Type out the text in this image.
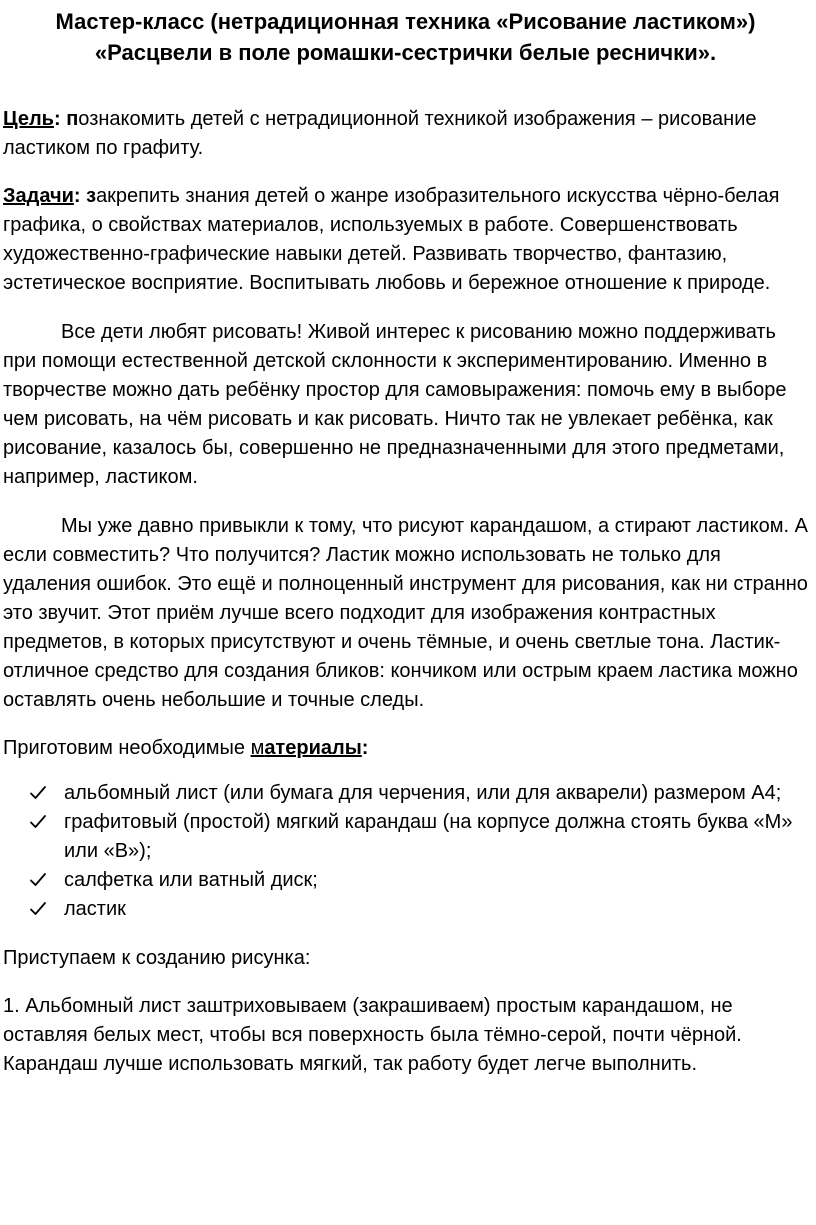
Мастер-класс (нетрадиционная техника «Рисование ластиком»)
«Расцвели в поле ромашки-сестрички белые реснички».

Цель: познакомить детей с нетрадиционной техникой изображения – рисование ластиком по графиту.

Задачи: закрепить знания детей о жанре изобразительного искусства чёрно-белая графика, о свойствах материалов, используемых в работе. Совершенствовать художественно-графические навыки детей. Развивать творчество, фантазию, эстетическое восприятие. Воспитывать любовь и бережное отношение к природе.

Все дети любят рисовать! Живой интерес к рисованию можно поддерживать при помощи естественной детской склонности к экспериментированию. Именно в творчестве можно дать ребёнку простор для самовыражения: помочь ему в выборе чем рисовать, на чём рисовать и как рисовать. Ничто так не увлекает ребёнка, как рисование, казалось бы, совершенно не предназначенными для этого предметами, например, ластиком.

Мы уже давно привыкли к тому, что рисуют карандашом, а стирают ластиком. А если совместить? Что получится? Ластик можно использовать не только для удаления ошибок. Это ещё и полноценный инструмент для рисования, как ни странно это звучит. Этот приём лучше всего подходит для изображения контрастных предметов, в которых присутствуют и очень тёмные, и очень светлые тона. Ластик- отличное средство для создания бликов: кончиком или острым краем ластика можно оставлять очень небольшие и точные следы.

Приготовим необходимые материалы:

альбомный лист (или бумага для черчения, или для акварели) размером А4;
графитовый (простой) мягкий карандаш (на корпусе должна стоять буква «М» или «В»);
салфетка или ватный диск;
ластик

Приступаем к созданию рисунка:

1. Альбомный лист заштриховываем (закрашиваем) простым карандашом, не оставляя белых мест, чтобы вся поверхность была тёмно-серой, почти чёрной. Карандаш лучше использовать мягкий, так работу будет легче выполнить.
